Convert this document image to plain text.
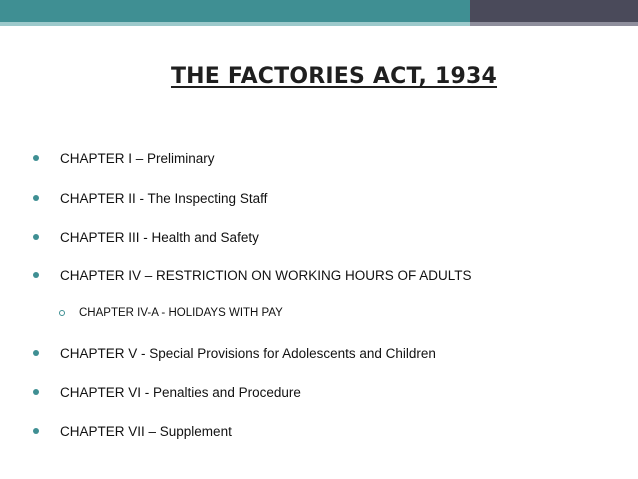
THE FACTORIES ACT, 1934
CHAPTER I – Preliminary
CHAPTER II - The Inspecting Staff
CHAPTER III - Health and Safety
CHAPTER IV – RESTRICTION ON WORKING HOURS OF ADULTS
CHAPTER IV-A - HOLIDAYS WITH PAY
CHAPTER V - Special Provisions for Adolescents and Children
CHAPTER VI - Penalties and Procedure
CHAPTER VII – Supplement
